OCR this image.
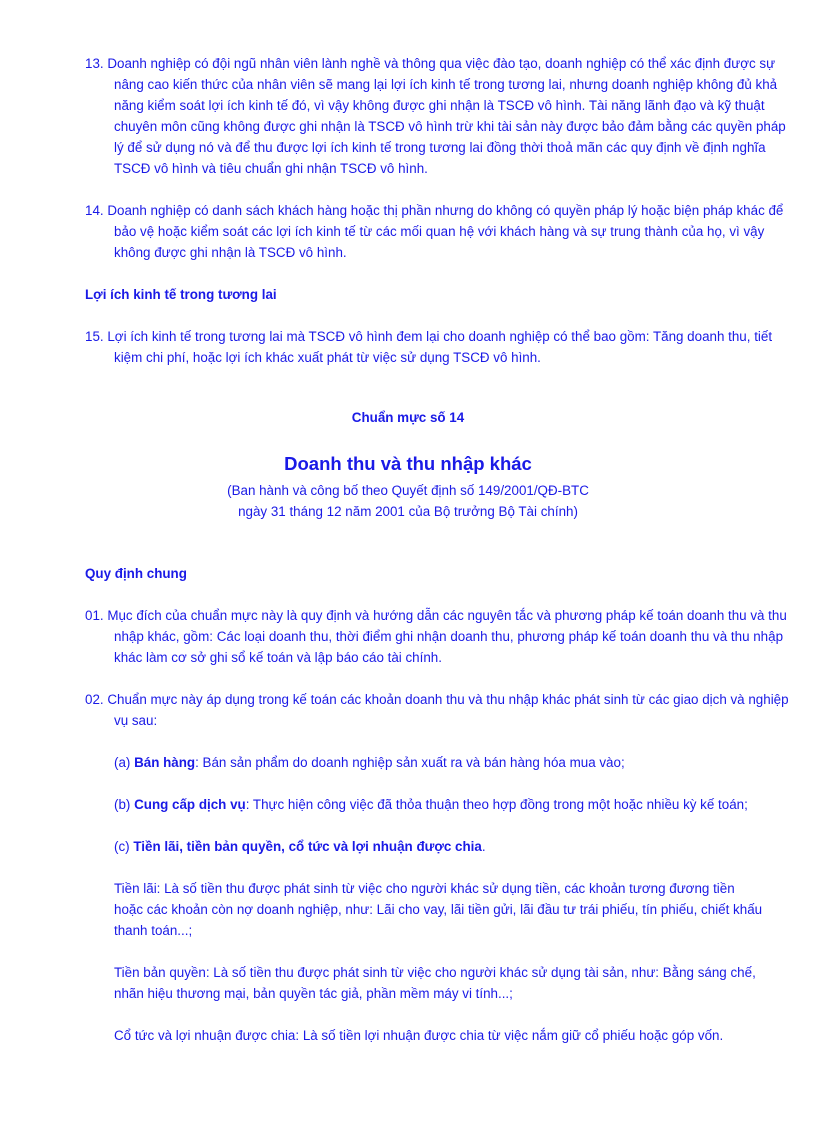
13. Doanh nghiệp có đội ngũ nhân viên lành nghề và thông qua việc đào tạo, doanh nghiệp có thể xác định được sự nâng cao kiến thức của nhân viên sẽ mang lại lợi ích kinh tế trong tương lai, nhưng doanh nghiệp không đủ khả năng kiểm soát lợi ích kinh tế đó, vì vậy không được ghi nhận là TSCĐ vô hình. Tài năng lãnh đạo và kỹ thuật chuyên môn cũng không được ghi nhận là TSCĐ vô hình trừ khi tài sản này được bảo đảm bằng các quyền pháp lý để sử dụng nó và để thu được lợi ích kinh tế trong tương lai đồng thời thoả mãn các quy định về định nghĩa TSCĐ vô hình và tiêu chuẩn ghi nhận TSCĐ vô hình.

14. Doanh nghiệp có danh sách khách hàng hoặc thị phần nhưng do không có quyền pháp lý hoặc biện pháp khác để bảo vệ hoặc kiểm soát các lợi ích kinh tế từ các mối quan hệ với khách hàng và sự trung thành của họ, vì vậy không được ghi nhận là TSCĐ vô hình.

Lợi ích kinh tế trong tương lai

15. Lợi ích kinh tế trong tương lai mà TSCĐ vô hình đem lại cho doanh nghiệp có thể bao gồm: Tăng doanh thu, tiết kiệm chi phí, hoặc lợi ích khác xuất phát từ việc sử dụng TSCĐ vô hình.

Chuẩn mực số 14

Doanh thu và thu nhập khác

(Ban hành và công bố theo Quyết định số 149/2001/QĐ-BTC

ngày 31 tháng 12 năm 2001 của Bộ trưởng Bộ Tài chính)

Quy định chung

01. Mục đích của chuẩn mực này là quy định và hướng dẫn các nguyên tắc và phương pháp kế toán doanh thu và thu nhập khác, gồm: Các loại doanh thu, thời điểm ghi nhận doanh thu, phương pháp kế toán doanh thu và thu nhập khác làm cơ sở ghi sổ kế toán và lập báo cáo tài chính.

02. Chuẩn mực này áp dụng trong kế toán các khoản doanh thu và thu nhập khác phát sinh từ các giao dịch và nghiệp vụ sau:

(a) Bán hàng: Bán sản phẩm do doanh nghiệp sản xuất ra và bán hàng hóa mua vào;

(b) Cung cấp dịch vụ: Thực hiện công việc đã thỏa thuận theo hợp đồng trong một hoặc nhiều kỳ kế toán;

(c) Tiền lãi, tiền bản quyền, cổ tức và lợi nhuận được chia.

Tiền lãi: Là số tiền thu được phát sinh từ việc cho người khác sử dụng tiền, các khoản tương đương tiền hoặc các khoản còn nợ doanh nghiệp, như: Lãi cho vay, lãi tiền gửi, lãi đầu tư trái phiếu, tín phiếu, chiết khấu thanh toán...;

Tiền bản quyền: Là số tiền thu được phát sinh từ việc cho người khác sử dụng tài sản, như: Bằng sáng chế, nhãn hiệu thương mại, bản quyền tác giả, phần mềm máy vi tính...;

Cổ tức và lợi nhuận được chia: Là số tiền lợi nhuận được chia từ việc nắm giữ cổ phiếu hoặc góp vốn.
